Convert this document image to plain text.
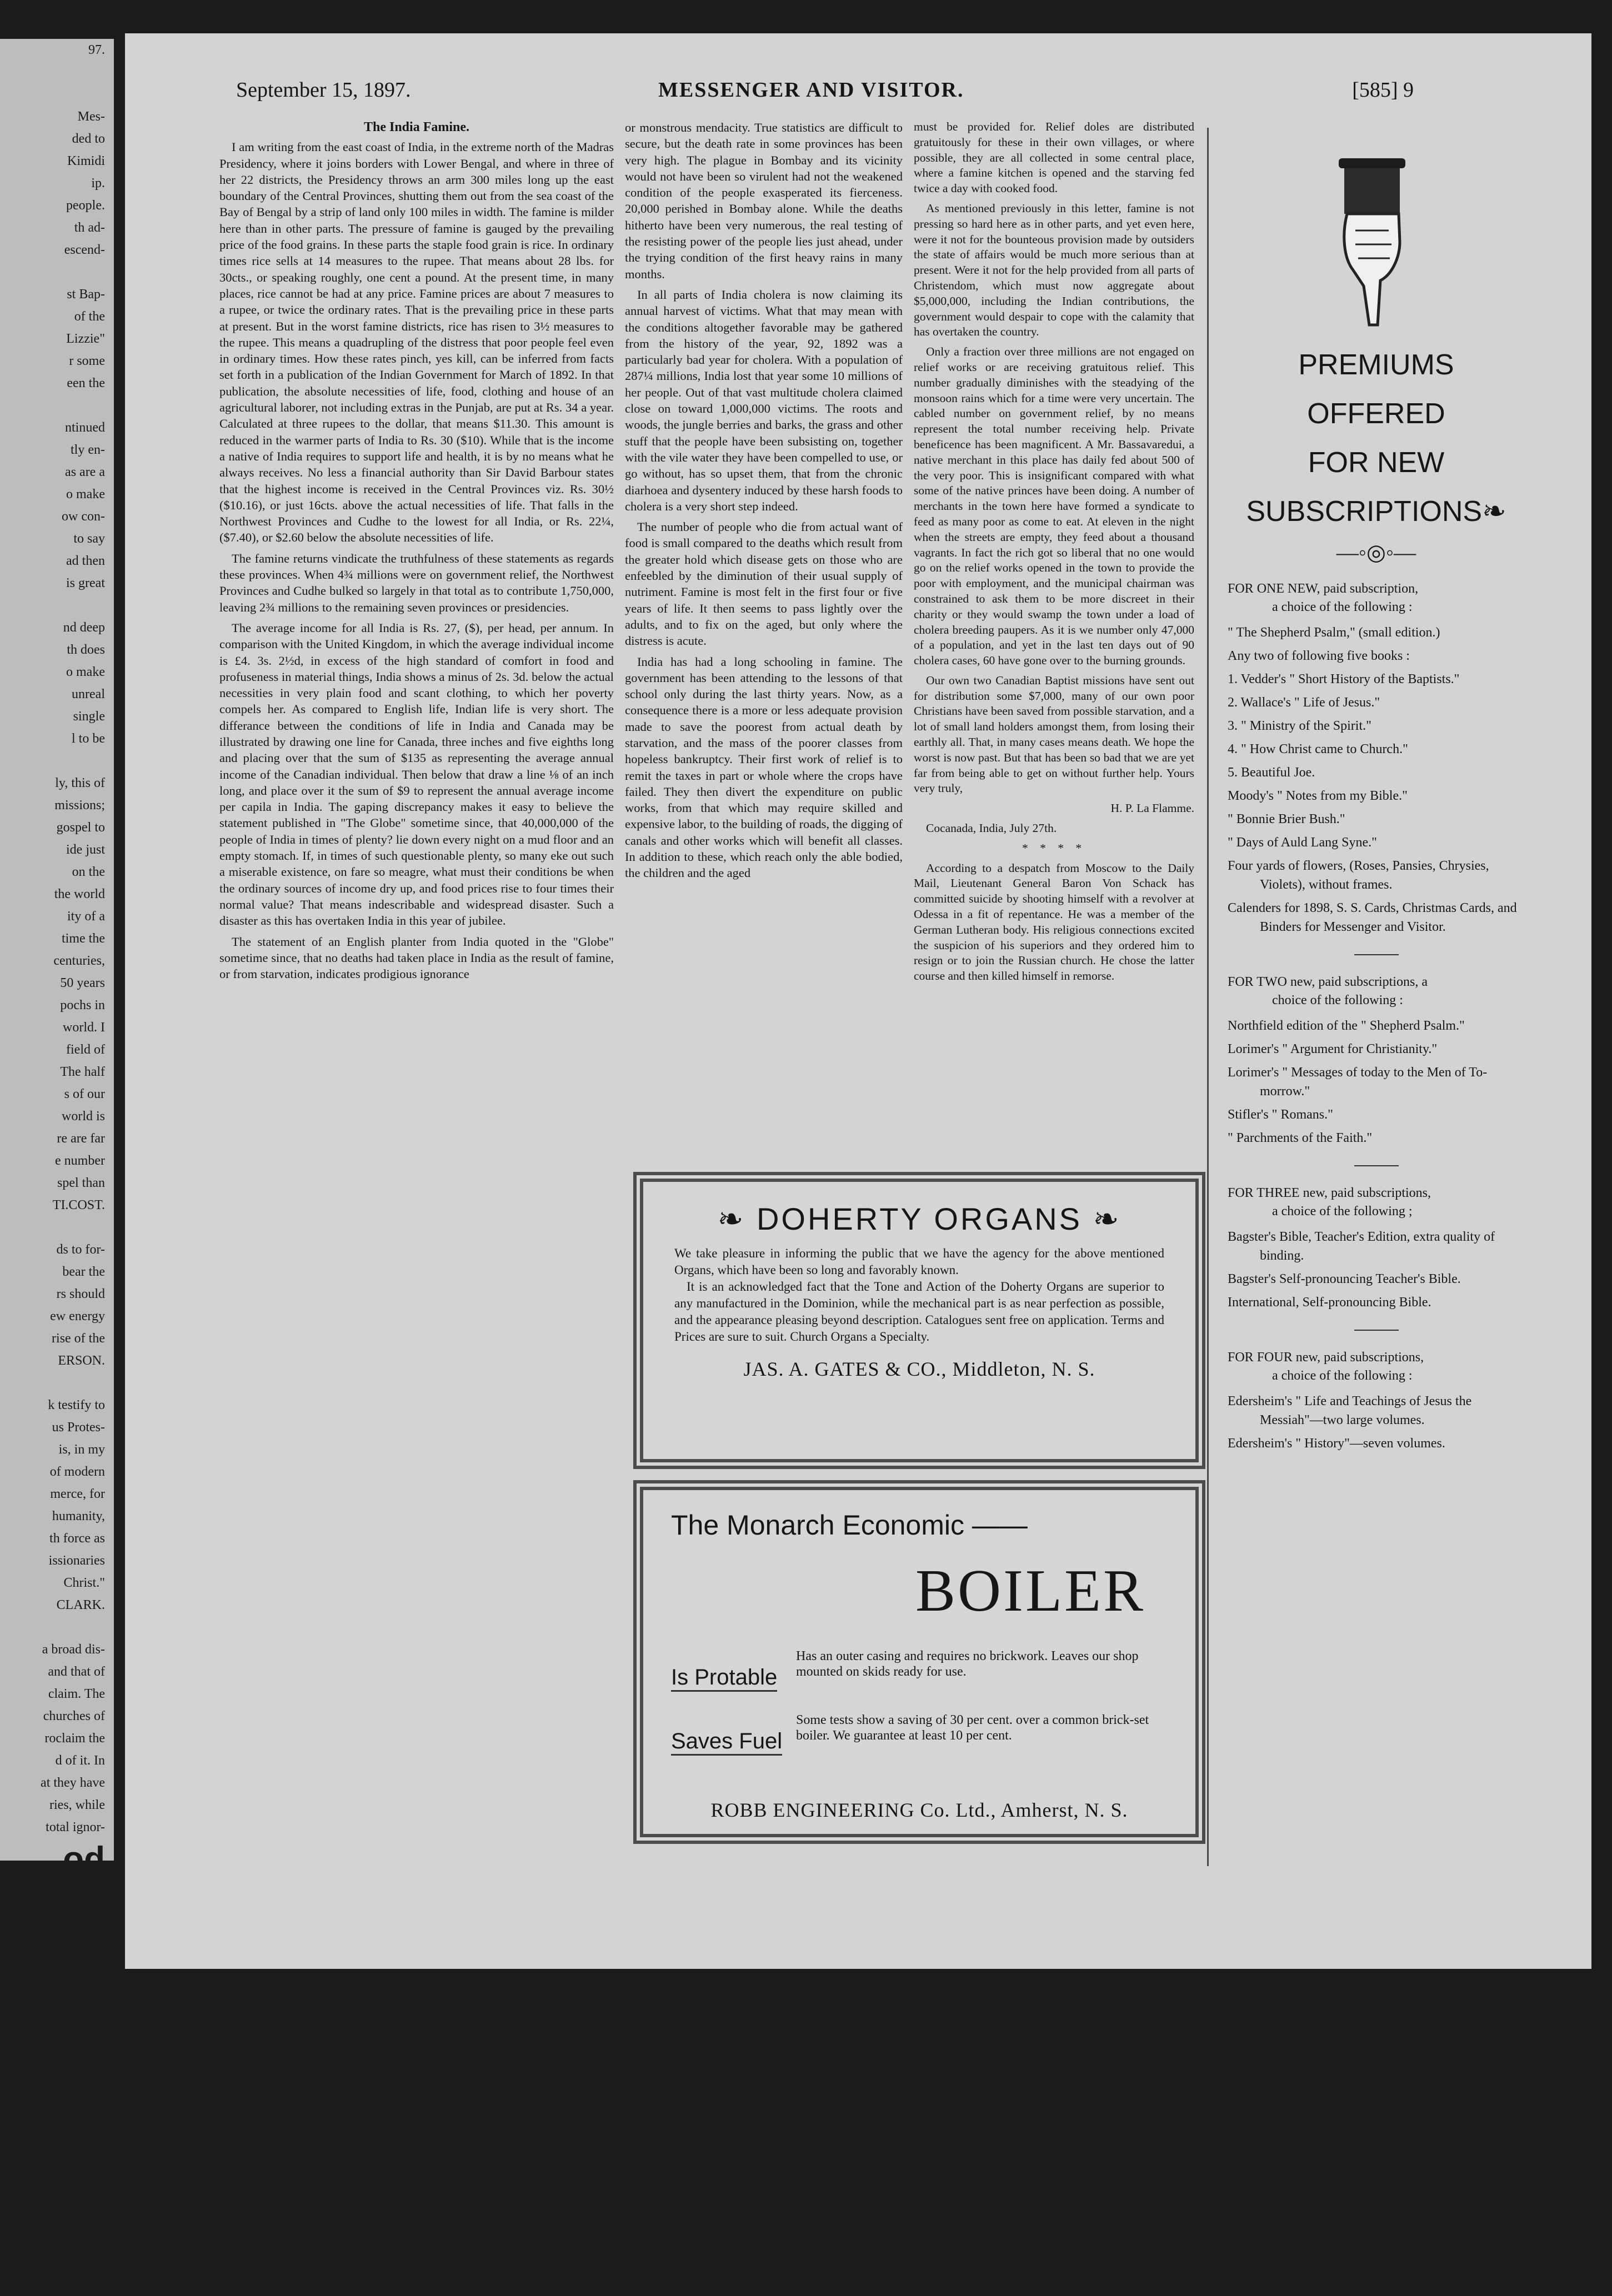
97.

Mes-

ded to

Kimidi

ip.

people.

th ad-

escend-

st Bap-

of the

Lizzie"

r some

een the

ntinued

tly en-

as are a

o make

ow con-

to say

ad then

is great

nd deep

th does

o make

unreal

single

l to be

ly, this of

missions;

gospel to

ide just

on the

the world

ity of a

time the

centuries,

50 years

pochs in

world. I

field of

The half

s of our

world is

re are far

e number

spel than

TI.COST.

ds to for-

bear the

rs should

ew energy

rise of the

ERSON.

k testify to

us Protes-

is, in my

of modern

merce, for

humanity,

th force as

issionaries

Christ."

CLARK.

a broad dis-

and that of

claim. The

churches of

roclaim the

d of it. In

at they have

ries, while

total ignor-

od

ofula

anifestations

of Hood's

lood is the

ily organs;

nourishing.

this way it

No other

peculiar to

rsa-

parilla

urifier. Sold

s.

ion, bilious-

25 cents.

September 15, 1897.	MESSENGER AND VISITOR.	[585] 9
The India Famine.

I am writing from the east coast of India, in the extreme north of the Madras Presidency, where it joins borders with Lower Bengal, and where in three of her 22 districts, the Presidency throws an arm 300 miles long up the east boundary of the Central Provinces, shutting them out from the sea coast of the Bay of Bengal by a strip of land only 100 miles in width. The famine is milder here than in other parts. The pressure of famine is gauged by the prevailing price of the food grains. In these parts the staple food grain is rice. In ordinary times rice sells at 14 measures to the rupee. That means about 28 lbs. for 30cts., or speaking roughly, one cent a pound. At the present time, in many places, rice cannot be had at any price. Famine prices are about 7 measures to a rupee, or twice the ordinary rates. That is the prevailing price in these parts at present. But in the worst famine districts, rice has risen to 3½ measures to the rupee. This means a quadrupling of the distress that poor people feel even in ordinary times. How these rates pinch, yes kill, can be inferred from facts set forth in a publication of the Indian Government for March of 1892. In that publication, the absolute necessities of life, food, clothing and house of an agricultural laborer, not including extras in the Punjab, are put at Rs. 34 a year. Calculated at three rupees to the dollar, that means $11.30. This amount is reduced in the warmer parts of India to Rs. 30 ($10). While that is the income a native of India requires to support life and health, it is by no means what he always receives. No less a financial authority than Sir David Barbour states that the highest income is received in the Central Provinces viz. Rs. 30½ ($10.16), or just 16cts. above the actual necessities of life. That falls in the Northwest Provinces and Cudhe to the lowest for all India, or Rs. 22¼, ($7.40), or $2.60 below the absolute necessities of life.

The famine returns vindicate the truthfulness of these statements as regards these provinces. When 4¾ millions were on government relief, the Northwest Provinces and Cudhe bulked so largely in that total as to contribute 1,750,000, leaving 2¾ millions to the remaining seven provinces or presidencies.

The average income for all India is Rs. 27, ($), per head, per annum. In comparison with the United Kingdom, in which the average individual income is £4. 3s. 2½d, in excess of the high standard of comfort in food and profuseness in material things, India shows a minus of 2s. 3d. below the actual necessities in very plain food and scant clothing, to which her poverty compels her. As compared to English life, Indian life is very short. The differance between the conditions of life in India and Canada may be illustrated by drawing one line for Canada, three inches and five eighths long and placing over that the sum of $135 as representing the average annual income of the Canadian individual. Then below that draw a line ⅛ of an inch long, and place over it the sum of $9 to represent the annual average income per capila in India. The gaping discrepancy makes it easy to believe the statement published in "The Globe" sometime since, that 40,000,000 of the people of India in times of plenty? lie down every night on a mud floor and an empty stomach. If, in times of such questionable plenty, so many eke out such a miserable existence, on fare so meagre, what must their conditions be when the ordinary sources of income dry up, and food prices rise to four times their normal value? That means indescribable and widespread disaster. Such a disaster as this has overtaken India in this year of jubilee.

The statement of an English planter from India quoted in the "Globe" sometime since, that no deaths had taken place in India as the result of famine, or from starvation, indicates prodigious ignorance

or monstrous mendacity. True statistics are difficult to secure, but the death rate in some provinces has been very high. The plague in Bombay and its vicinity would not have been so virulent had not the weakened condition of the people exasperated its fierceness. 20,000 perished in Bombay alone. While the deaths hitherto have been very numerous, the real testing of the resisting power of the people lies just ahead, under the trying condition of the first heavy rains in many months.

In all parts of India cholera is now claiming its annual harvest of victims. What that may mean with the conditions altogether favorable may be gathered from the history of the year, 92, 1892 was a particularly bad year for cholera. With a population of 287¼ millions, India lost that year some 10 millions of her people. Out of that vast multitude cholera claimed close on toward 1,000,000 victims. The roots and woods, the jungle berries and barks, the grass and other stuff that the people have been subsisting on, together with the vile water they have been compelled to use, or go without, has so upset them, that from the chronic diarhoea and dysentery induced by these harsh foods to cholera is a very short step indeed.

The number of people who die from actual want of food is small compared to the deaths which result from the greater hold which disease gets on those who are enfeebled by the diminution of their usual supply of nutriment. Famine is most felt in the first four or five years of life. It then seems to pass lightly over the adults, and to fix on the aged, but only where the distress is acute.

India has had a long schooling in famine. The government has been attending to the lessons of that school only during the last thirty years. Now, as a consequence there is a more or less adequate provision made to save the poorest from actual death by starvation, and the mass of the poorer classes from hopeless bankruptcy. Their first work of relief is to remit the taxes in part or whole where the crops have failed. They then divert the expenditure on public works, from that which may require skilled and expensive labor, to the building of roads, the digging of canals and other works which will benefit all classes. In addition to these, which reach only the able bodied, the children and the aged

must be provided for. Relief doles are distributed gratuitously for these in their own villages, or where possible, they are all collected in some central place, where a famine kitchen is opened and the starving fed twice a day with cooked food.

As mentioned previously in this letter, famine is not pressing so hard here as in other parts, and yet even here, were it not for the bounteous provision made by outsiders the state of affairs would be much more serious than at present. Were it not for the help provided from all parts of Christendom, which must now aggregate about $5,000,000, including the Indian contributions, the government would despair to cope with the calamity that has overtaken the country.

Only a fraction over three millions are not engaged on relief works or are receiving gratuitous relief. This number gradually diminishes with the steadying of the monsoon rains which for a time were very uncertain. The cabled number on government relief, by no means represent the total number receiving help. Private beneficence has been magnificent. A Mr. Bassavaredui, a native merchant in this place has daily fed about 500 of the very poor. This is insignificant compared with what some of the native princes have been doing. A number of merchants in the town here have formed a syndicate to feed as many poor as come to eat. At eleven in the night when the streets are empty, they feed about a thousand vagrants. In fact the rich got so liberal that no one would go on the relief works opened in the town to provide the poor with employment, and the municipal chairman was constrained to ask them to be more discreet in their charity or they would swamp the town under a load of cholera breeding paupers. As it is we number only 47,000 of a population, and yet in the last ten days out of 90 cholera cases, 60 have gone over to the burning grounds.

Our own two Canadian Baptist missions have sent out for distribution some $7,000, many of our own poor Christians have been saved from possible starvation, and a lot of small land holders amongst them, from losing their earthly all. That, in many cases means death. We hope the worst is now past. But that has been so bad that we are yet far from being able to get on without further help. Yours very truly,

H. P. La Flamme.

Cocanada, India, July 27th.

* * * *

According to a despatch from Moscow to the Daily Mail, Lieutenant General Baron Von Schack has committed suicide by shooting himself with a revolver at Odessa in a fit of repentance. He was a member of the German Lutheran body. His religious connections excited the suspicion of his superiors and they ordered him to resign or to join the Russian church. He chose the latter course and then killed himself in remorse.

❧ DOHERTY ORGANS ❧
We take pleasure in informing the public that we have the agency for the above mentioned Organs, which have been so long and favorably known.
It is an acknowledged fact that the Tone and Action of the Doherty Organs are superior to any manufactured in the Dominion, while the mechanical part is as near perfection as possible, and the appearance pleasing beyond description. Catalogues sent free on application. Terms and Prices are sure to suit. Church Organs a Specialty.
JAS. A. GATES & CO., Middleton, N. S.
The Monarch Economic ——
BOILER
Is Protable
Has an outer casing and requires no brickwork. Leaves our shop mounted on skids ready for use.
Saves Fuel
Some tests show a saving of 30 per cent. over a common brick-set boiler. We guarantee at least 10 per cent.
ROBB ENGINEERING Co. Ltd., Amherst, N. S.
PREMIUMS
OFFERED
FOR NEW
SUBSCRIPTIONS❧
—◦◎◦—
FOR ONE NEW, paid subscription,
a choice of the following :
" The Shepherd Psalm," (small edition.)
Any two of following five books :
1. Vedder's " Short History of the Baptists."
2. Wallace's " Life of Jesus."
3. " Ministry of the Spirit."
4. " How Christ came to Church."
5. Beautiful Joe.
Moody's " Notes from my Bible."
" Bonnie Brier Bush."
" Days of Auld Lang Syne."
Four yards of flowers, (Roses, Pansies, Chrysies, Violets), without frames.
Calenders for 1898, S. S. Cards, Christmas Cards, and Binders for Messenger and Visitor.
FOR TWO new, paid subscriptions, a
choice of the following :
Northfield edition of the " Shepherd Psalm."
Lorimer's " Argument for Christianity."
Lorimer's " Messages of today to the Men of To-morrow."
Stifler's " Romans."
" Parchments of the Faith."
FOR THREE new, paid subscriptions,
a choice of the following ;
Bagster's Bible, Teacher's Edition, extra quality of binding.
Bagster's Self-pronouncing Teacher's Bible.
International, Self-pronouncing Bible.
FOR FOUR new, paid subscriptions,
a choice of the following :
Edersheim's " Life and Teachings of Jesus the Messiah"—two large volumes.
Edersheim's " History"—seven volumes.
